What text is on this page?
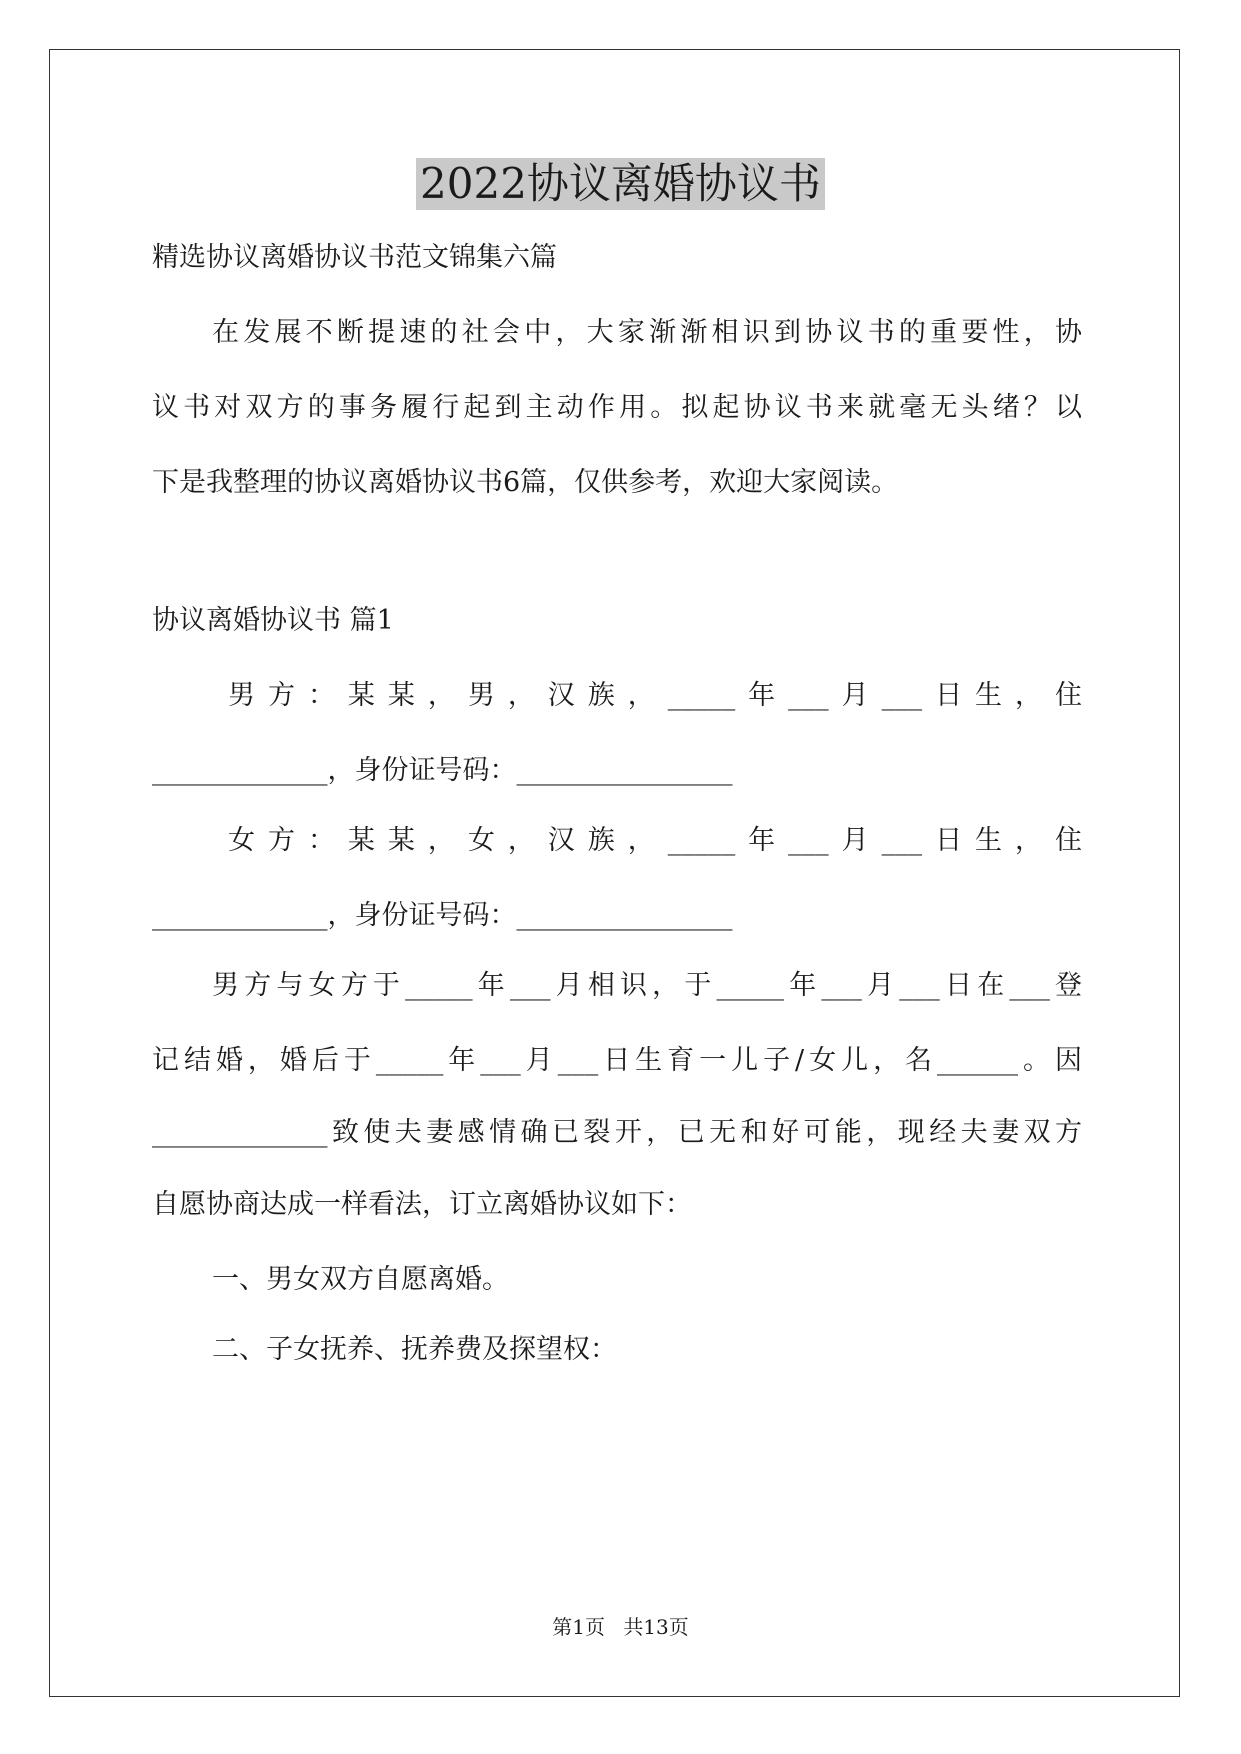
2022协议离婚协议书
精选协议离婚协议书范文锦集六篇
在发展不断提速的社会中，大家渐渐相识到协议书的重要性，协
议书对双方的事务履行起到主动作用。拟起协议书来就毫无头绪？以
下是我整理的协议离婚协议书6篇，仅供参考，欢迎大家阅读。
协议离婚协议书 篇1
男方：某某，男，汉族，_____年___月___日生，住
_____________，身份证号码：________________
女方：某某，女，汉族，_____年___月___日生，住
_____________，身份证号码：________________
男方与女方于_____年___月相识，于_____年___月___日在___登
记结婚，婚后于_____年___月___日生育一儿子/女儿，名______。因
_____________致使夫妻感情确已裂开，已无和好可能，现经夫妻双方
自愿协商达成一样看法，订立离婚协议如下：
一、男女双方自愿离婚。
二、子女抚养、抚养费及探望权：
第1页 共13页
